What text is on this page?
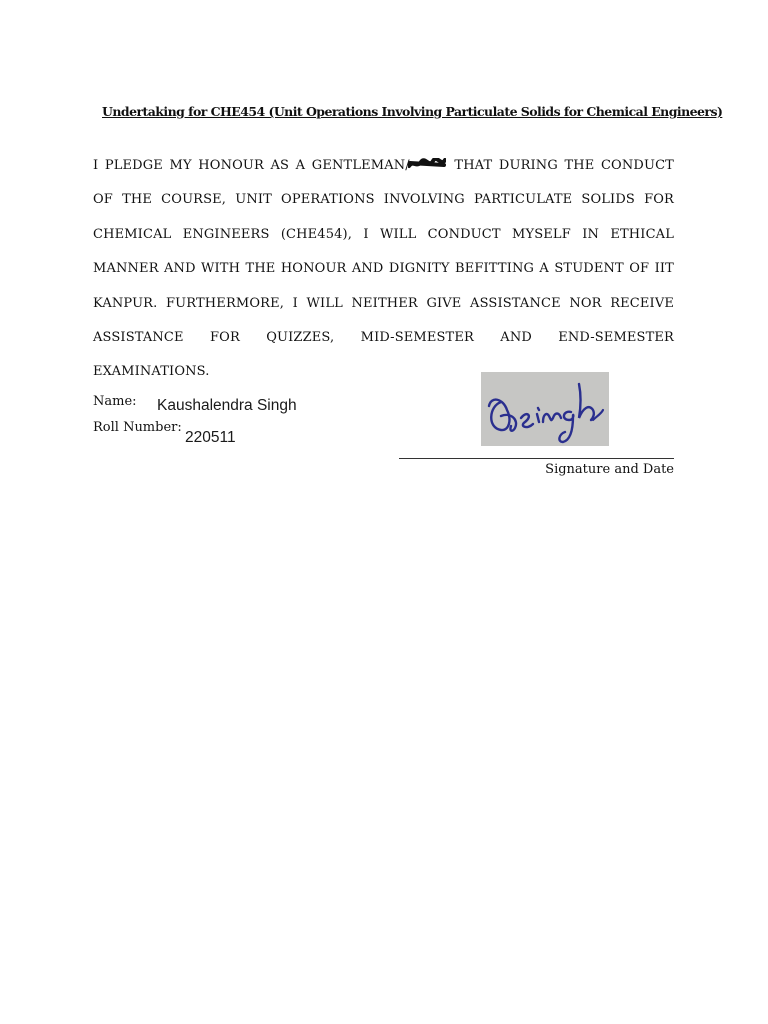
Undertaking for CHE454 (Unit Operations Involving Particulate Solids for Chemical Engineers)

I PLEDGE MY HONOUR AS A GENTLEMAN/	THAT DURING THE CONDUCT OF THE COURSE, UNIT OPERATIONS INVOLVING PARTICULATE SOLIDS FOR CHEMICAL ENGINEERS (CHE454), I WILL CONDUCT MYSELF IN ETHICAL MANNER AND WITH THE HONOUR AND DIGNITY BEFITTING A STUDENT OF IIT KANPUR. FURTHERMORE, I WILL NEITHER GIVE ASSISTANCE NOR RECEIVE ASSISTANCE FOR QUIZZES, MID-SEMESTER AND END-SEMESTER EXAMINATIONS.

Name: Kaushalendra Singh

Roll Number:

220511

Signature and Date
